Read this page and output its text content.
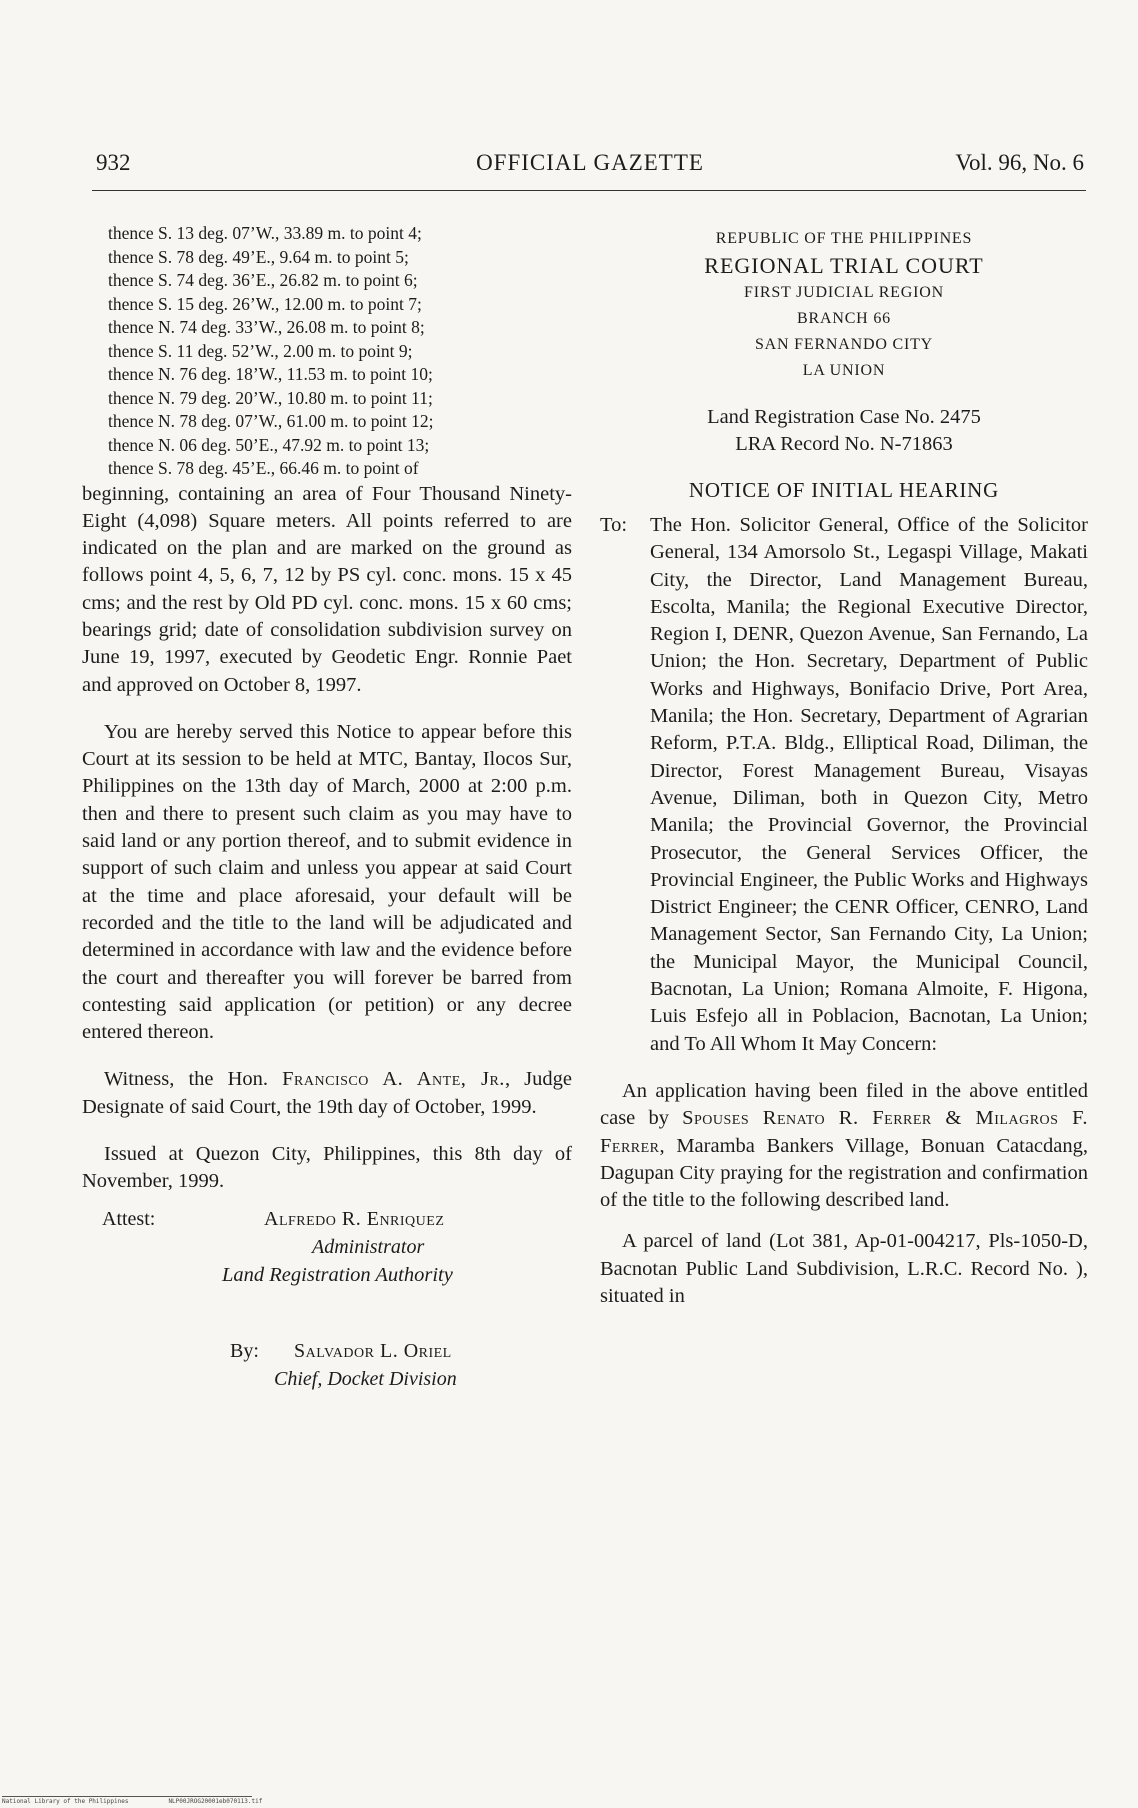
932	OFFICIAL GAZETTE	Vol. 96, No. 6
thence S. 13 deg. 07’W., 33.89 m. to point 4;
thence S. 78 deg. 49’E., 9.64 m. to point 5;
thence S. 74 deg. 36’E., 26.82 m. to point 6;
thence S. 15 deg. 26’W., 12.00 m. to point 7;
thence N. 74 deg. 33’W., 26.08 m. to point 8;
thence S. 11 deg. 52’W., 2.00 m. to point 9;
thence N. 76 deg. 18’W., 11.53 m. to point 10;
thence N. 79 deg. 20’W., 10.80 m. to point 11;
thence N. 78 deg. 07’W., 61.00 m. to point 12;
thence N. 06 deg. 50’E., 47.92 m. to point 13;
thence S. 78 deg. 45’E., 66.46 m. to point of

beginning, containing an area of Four Thousand Ninety-Eight (4,098) Square meters. All points referred to are indicated on the plan and are marked on the ground as follows point 4, 5, 6, 7, 12 by PS cyl. conc. mons. 15 x 45 cms; and the rest by Old PD cyl. conc. mons. 15 x 60 cms; bearings grid; date of consolidation subdivision survey on June 19, 1997, executed by Geodetic Engr. Ronnie Paet and approved on October 8, 1997.

You are hereby served this Notice to appear before this Court at its session to be held at MTC, Bantay, Ilocos Sur, Philippines on the 13th day of March, 2000 at 2:00 p.m. then and there to present such claim as you may have to said land or any portion thereof, and to submit evidence in support of such claim and unless you appear at said Court at the time and place aforesaid, your default will be recorded and the title to the land will be adjudicated and determined in accordance with law and the evidence before the court and thereafter you will forever be barred from contesting said application (or petition) or any decree entered thereon.

Witness, the Hon. Francisco A. Ante, Jr., Judge Designate of said Court, the 19th day of October, 1999.

Issued at Quezon City, Philippines, this 8th day of November, 1999.

Attest:	Alfredo R. Enriquez
Administrator
Land Registration Authority
By: Salvador L. Oriel
Chief, Docket Division
REPUBLIC OF THE PHILIPPINES
REGIONAL TRIAL COURT
FIRST JUDICIAL REGION
BRANCH 66
SAN FERNANDO CITY
LA UNION
Land Registration Case No. 2475
LRA Record No. N-71863
NOTICE OF INITIAL HEARING
To: The Hon. Solicitor General, Office of the Solicitor General, 134 Amorsolo St., Legaspi Village, Makati City, the Director, Land Management Bureau, Escolta, Manila; the Regional Executive Director, Region I, DENR, Quezon Avenue, San Fernando, La Union; the Hon. Secretary, Department of Public Works and Highways, Bonifacio Drive, Port Area, Manila; the Hon. Secretary, Department of Agrarian Reform, P.T.A. Bldg., Elliptical Road, Diliman, the Director, Forest Management Bureau, Visayas Avenue, Diliman, both in Quezon City, Metro Manila; the Provincial Governor, the Provincial Prosecutor, the General Services Officer, the Provincial Engineer, the Public Works and Highways District Engineer; the CENR Officer, CENRO, Land Management Sector, San Fernando City, La Union; the Municipal Mayor, the Municipal Council, Bacnotan, La Union; Romana Almoite, F. Higona, Luis Esfejo all in Poblacion, Bacnotan, La Union; and To All Whom It May Concern:

An application having been filed in the above entitled case by Spouses Renato R. Ferrer & Milagros F. Ferrer, Maramba Bankers Village, Bonuan Catacdang, Dagupan City praying for the registration and confirmation of the title to the following described land.

A parcel of land (Lot 381, Ap-01-004217, Pls-1050-D, Bacnotan Public Land Subdivision, L.R.C. Record No. ), situated in

National Library of the Philippines	NLP00JROG20001eb070113.tif
